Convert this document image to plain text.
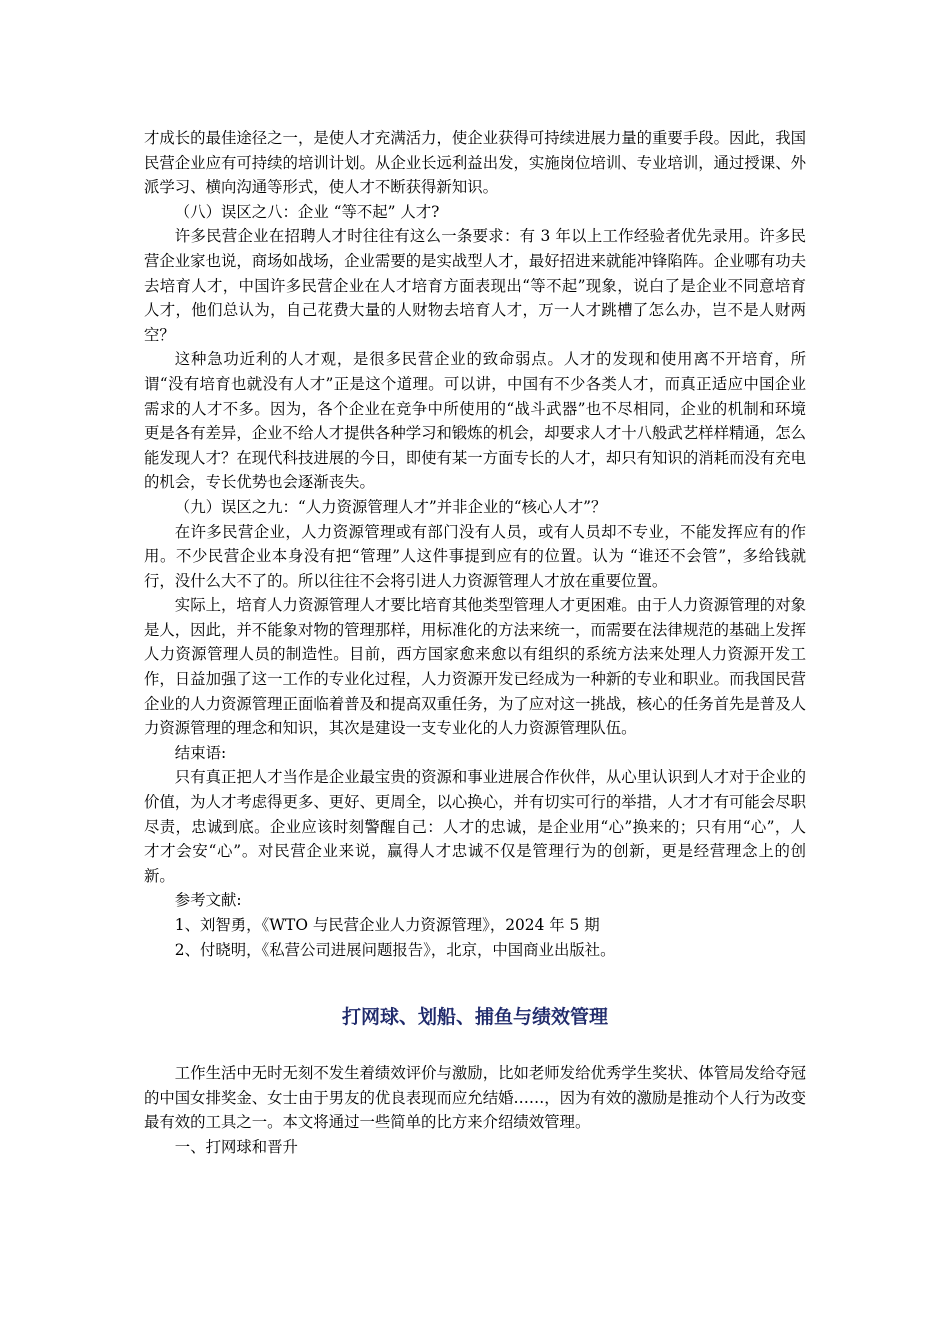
才成长的最佳途径之一，是使人才充满活力，使企业获得可持续进展力量的重要手段。因此，我国民营企业应有可持续的培训计划。从企业长远利益出发，实施岗位培训、专业培训，通过授课、外派学习、横向沟通等形式，使人才不断获得新知识。

（八）误区之八：企业 “等不起” 人才?

许多民营企业在招聘人才时往往有这么一条要求：有 3 年以上工作经验者优先录用。许多民营企业家也说，商场如战场，企业需要的是实战型人才，最好招进来就能冲锋陷阵。企业哪有功夫去培育人才，中国许多民营企业在人才培育方面表现出“等不起”现象，说白了是企业不同意培育人才，他们总认为，自己花费大量的人财物去培育人才，万一人才跳槽了怎么办，岂不是人财两空？

这种急功近利的人才观，是很多民营企业的致命弱点。人才的发现和使用离不开培育，所谓“没有培育也就没有人才”正是这个道理。可以讲，中国有不少各类人才，而真正适应中国企业需求的人才不多。因为，各个企业在竞争中所使用的“战斗武器”也不尽相同，企业的机制和环境更是各有差异，企业不给人才提供各种学习和锻炼的机会，却要求人才十八般武艺样样精通，怎么能发现人才？在现代科技进展的今日，即使有某一方面专长的人才，却只有知识的消耗而没有充电的机会，专长优势也会逐渐丧失。

（九）误区之九：“人力资源管理人才”并非企业的“核心人才”？

在许多民营企业，人力资源管理或有部门没有人员，或有人员却不专业，不能发挥应有的作用。不少民营企业本身没有把“管理”人这件事提到应有的位置。认为 “谁还不会管”，多给钱就行，没什么大不了的。所以往往不会将引进人力资源管理人才放在重要位置。

实际上，培育人力资源管理人才要比培育其他类型管理人才更困难。由于人力资源管理的对象是人，因此，并不能象对物的管理那样，用标准化的方法来统一，而需要在法律规范的基础上发挥人力资源管理人员的制造性。目前，西方国家愈来愈以有组织的系统方法来处理人力资源开发工作，日益加强了这一工作的专业化过程，人力资源开发已经成为一种新的专业和职业。而我国民营企业的人力资源管理正面临着普及和提高双重任务，为了应对这一挑战，核心的任务首先是普及人力资源管理的理念和知识，其次是建设一支专业化的人力资源管理队伍。

结束语:

只有真正把人才当作是企业最宝贵的资源和事业进展合作伙伴，从心里认识到人才对于企业的价值，为人才考虑得更多、更好、更周全，以心换心，并有切实可行的举措，人才才有可能会尽职尽责，忠诚到底。企业应该时刻警醒自己：人才的忠诚，是企业用“心”换来的；只有用“心”，人才才会安“心”。对民营企业来说，赢得人才忠诚不仅是管理行为的创新，更是经营理念上的创新。

参考文献:

1、刘智勇，《WTO 与民营企业人力资源管理》，2024 年 5 期

2、付晓明，《私营公司进展问题报告》，北京，中国商业出版社。

打网球、划船、捕鱼与绩效管理

工作生活中无时无刻不发生着绩效评价与激励，比如老师发给优秀学生奖状、体管局发给夺冠的中国女排奖金、女士由于男友的优良表现而应允结婚……，因为有效的激励是推动个人行为改变最有效的工具之一。本文将通过一些简单的比方来介绍绩效管理。

一、打网球和晋升
